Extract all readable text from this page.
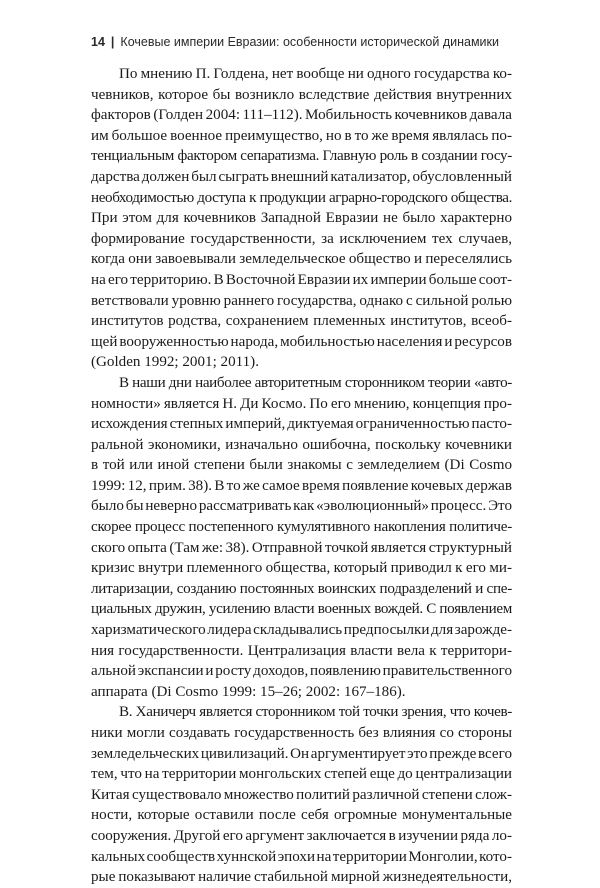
14 | Кочевые империи Евразии: особенности исторической динамики
По мнению П. Голдена, нет вообще ни одного государства ко-
чевников, которое бы возникло вследствие действия внутренних
факторов (Голден 2004: 111–112). Мобильность кочевников давала
им большое военное преимущество, но в то же время являлась по-
тенциальным фактором сепаратизма. Главную роль в создании госу-
дарства должен был сыграть внешний катализатор, обусловленный
необходимостью доступа к продукции аграрно-городского общества.
При этом для кочевников Западной Евразии не было характерно
формирование государственности, за исключением тех случаев,
когда они завоевывали земледельческое общество и переселялись
на его территорию. В Восточной Евразии их империи больше соот-
ветствовали уровню раннего государства, однако с сильной ролью
институтов родства, сохранением племенных институтов, всеоб-
щей вооруженностью народа, мобильностью населения и ресурсов
(Golden 1992; 2001; 2011).
В наши дни наиболее авторитетным сторонником теории «авто-
номности» является Н. Ди Космо. По его мнению, концепция про-
исхождения степных империй, диктуемая ограниченностью пасто-
ральной экономики, изначально ошибочна, поскольку кочевники
в той или иной степени были знакомы с земледелием (Di Cosmo
1999: 12, прим. 38). В то же самое время появление кочевых держав
было бы неверно рассматривать как «эволюционный» процесс. Это
скорее процесс постепенного кумулятивного накопления политиче-
ского опыта (Там же: 38). Отправной точкой является структурный
кризис внутри племенного общества, который приводил к его ми-
литаризации, созданию постоянных воинских подразделений и спе-
циальных дружин, усилению власти военных вождей. С появлением
харизматического лидера складывались предпосылки для зарожде-
ния государственности. Централизация власти вела к территори-
альной экспансии и росту доходов, появлению правительственного
аппарата (Di Cosmo 1999: 15–26; 2002: 167–186).
В. Ханичерч является сторонником той точки зрения, что кочев-
ники могли создавать государственность без влияния со стороны
земледельческих цивилизаций. Он аргументирует это прежде всего
тем, что на территории монгольских степей еще до централизации
Китая существовало множество политий различной степени слож-
ности, которые оставили после себя огромные монументальные
сооружения. Другой его аргумент заключается в изучении ряда ло-
кальных сообществ хуннской эпохи на территории Монголии, кото-
рые показывают наличие стабильной мирной жизнедеятельности,
